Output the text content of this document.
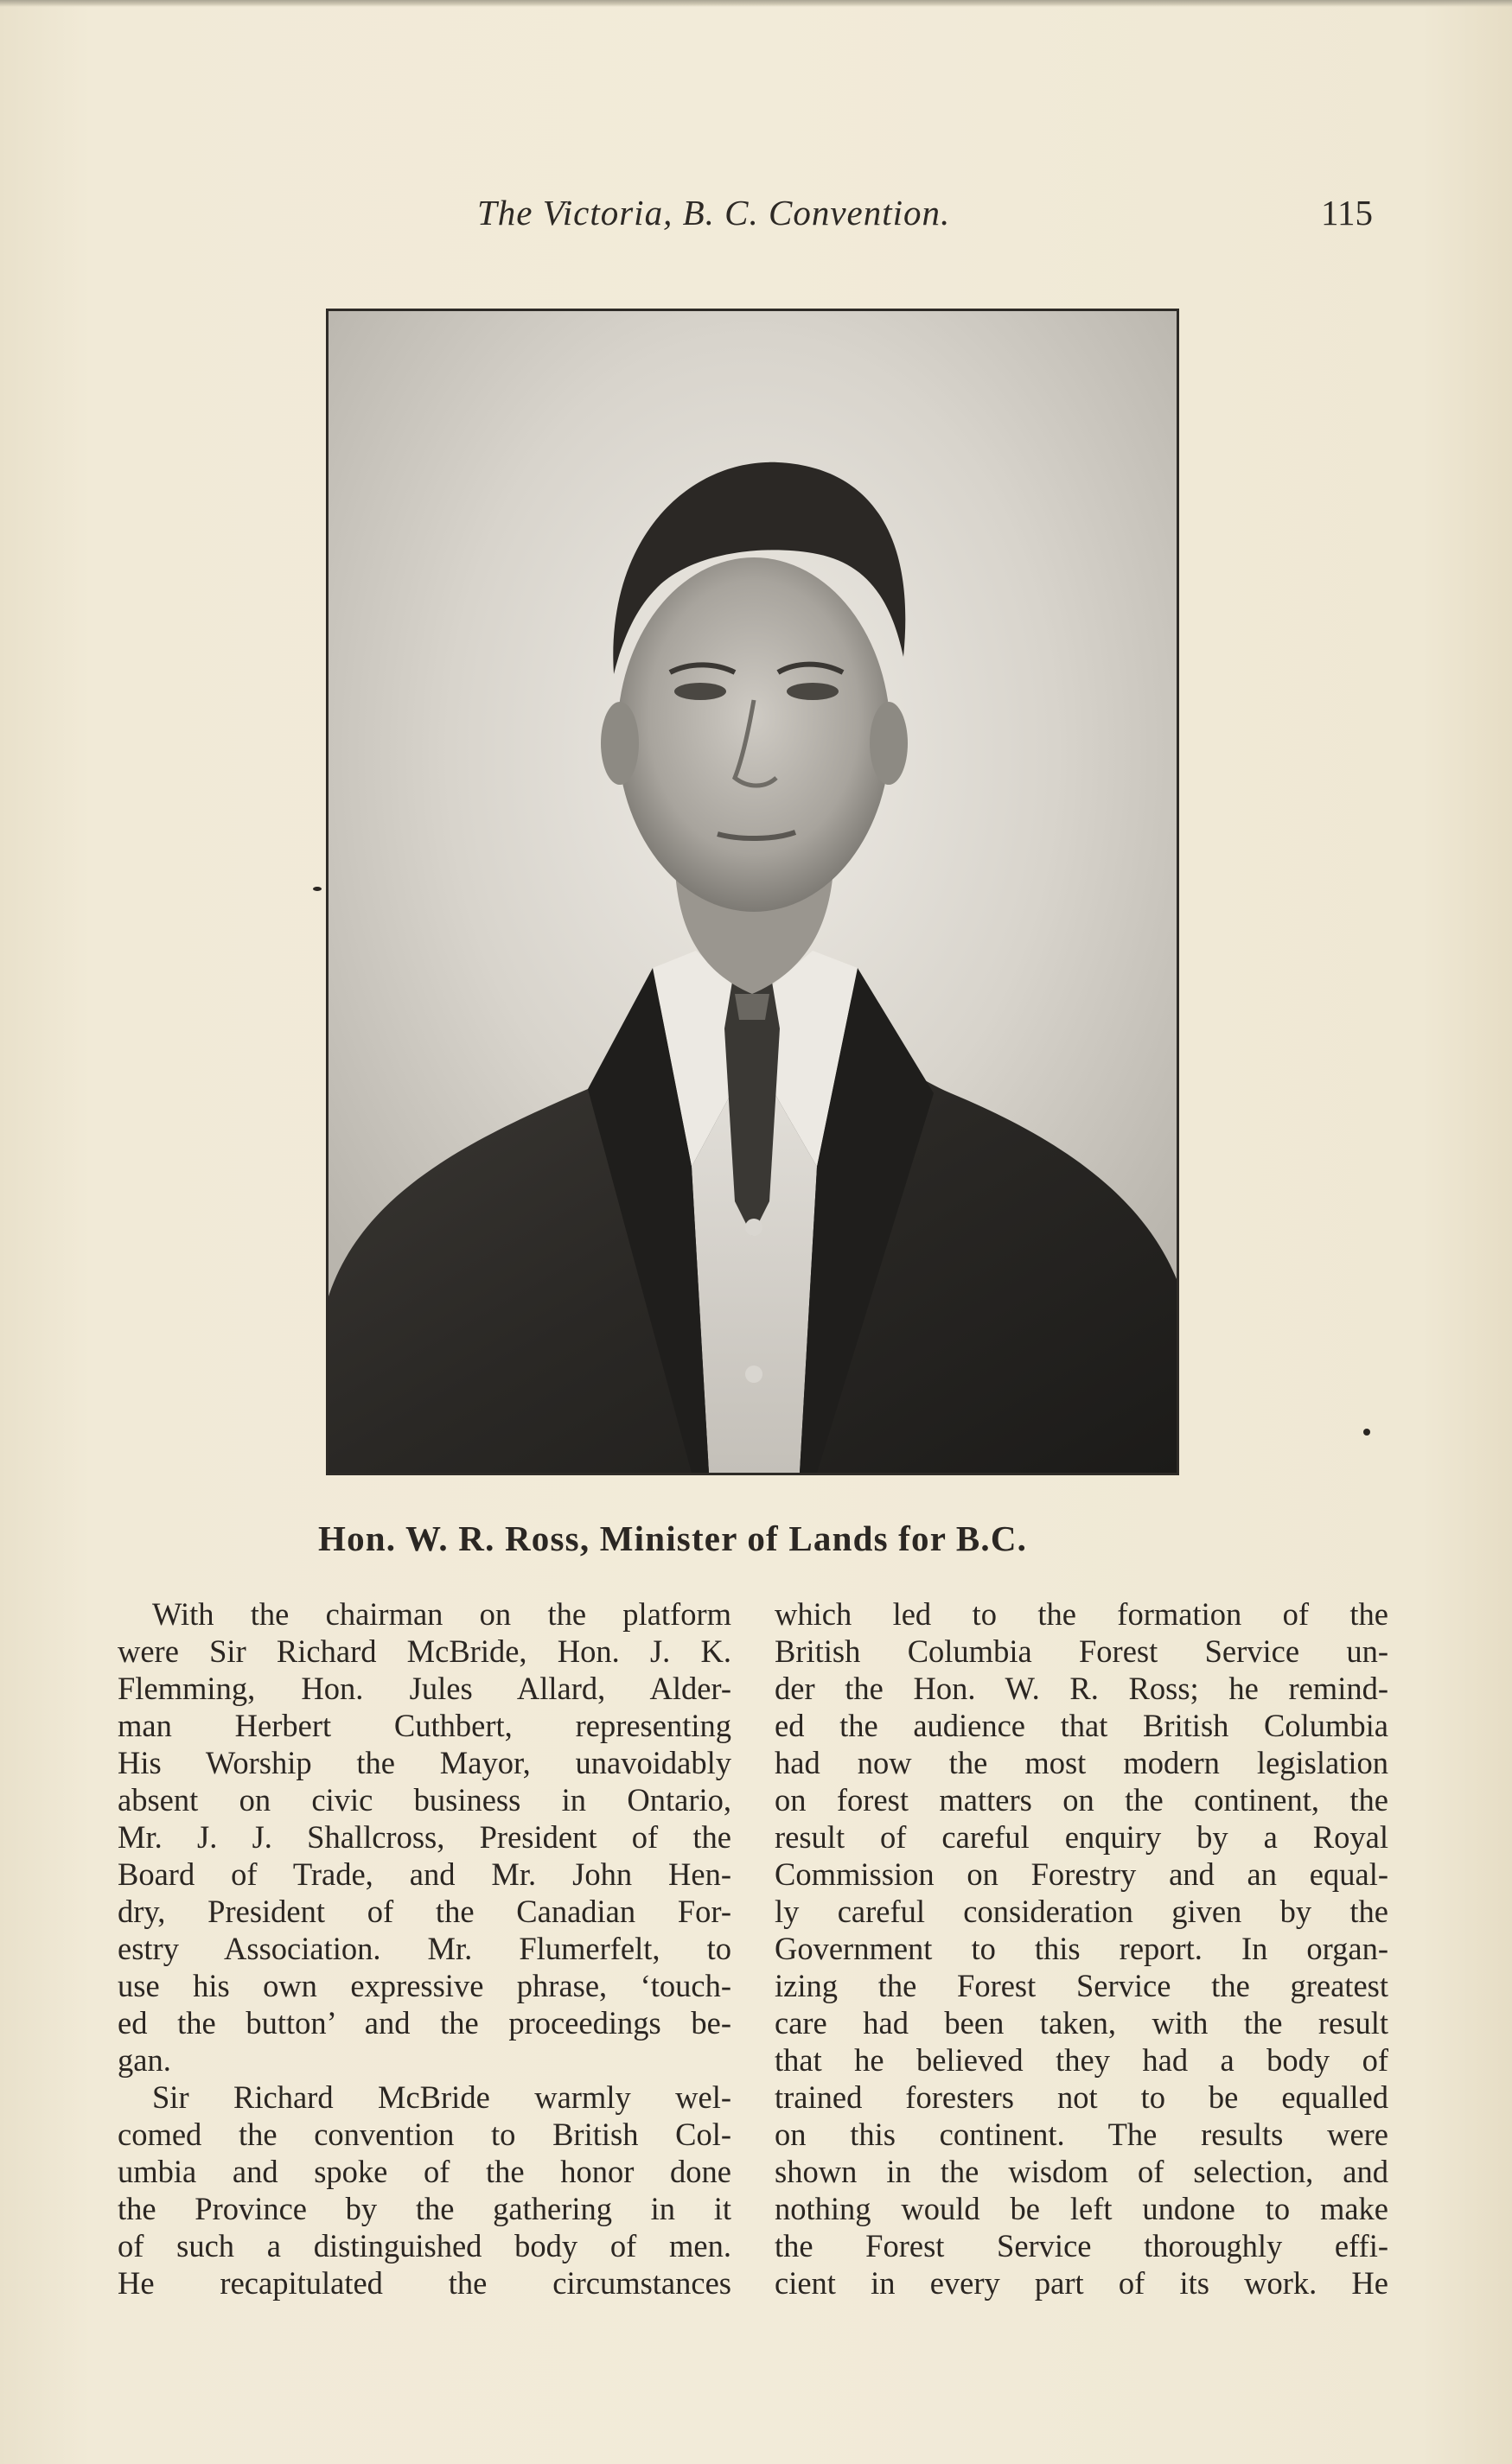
The Victoria, B. C. Convention.	115
Hon. W. R. Ross, Minister of Lands for B.C.
With the chairman on the platform
were Sir Richard McBride, Hon. J. K.
Flemming, Hon. Jules Allard, Alder-
man Herbert Cuthbert, representing
His Worship the Mayor, unavoidably
absent on civic business in Ontario,
Mr. J. J. Shallcross, President of the
Board of Trade, and Mr. John Hen-
dry, President of the Canadian For-
estry Association. Mr. Flumerfelt, to
use his own expressive phrase, ‘touch-
ed the button’ and the proceedings be-
gan.
Sir Richard McBride warmly wel-
comed the convention to British Col-
umbia and spoke of the honor done
the Province by the gathering in it
of such a distinguished body of men.
He recapitulated the circumstances
which led to the formation of the
British Columbia Forest Service un-
der the Hon. W. R. Ross; he remind-
ed the audience that British Columbia
had now the most modern legislation
on forest matters on the continent, the
result of careful enquiry by a Royal
Commission on Forestry and an equal-
ly careful consideration given by the
Government to this report. In organ-
izing the Forest Service the greatest
care had been taken, with the result
that he believed they had a body of
trained foresters not to be equalled
on this continent. The results were
shown in the wisdom of selection, and
nothing would be left undone to make
the Forest Service thoroughly effi-
cient in every part of its work. He
